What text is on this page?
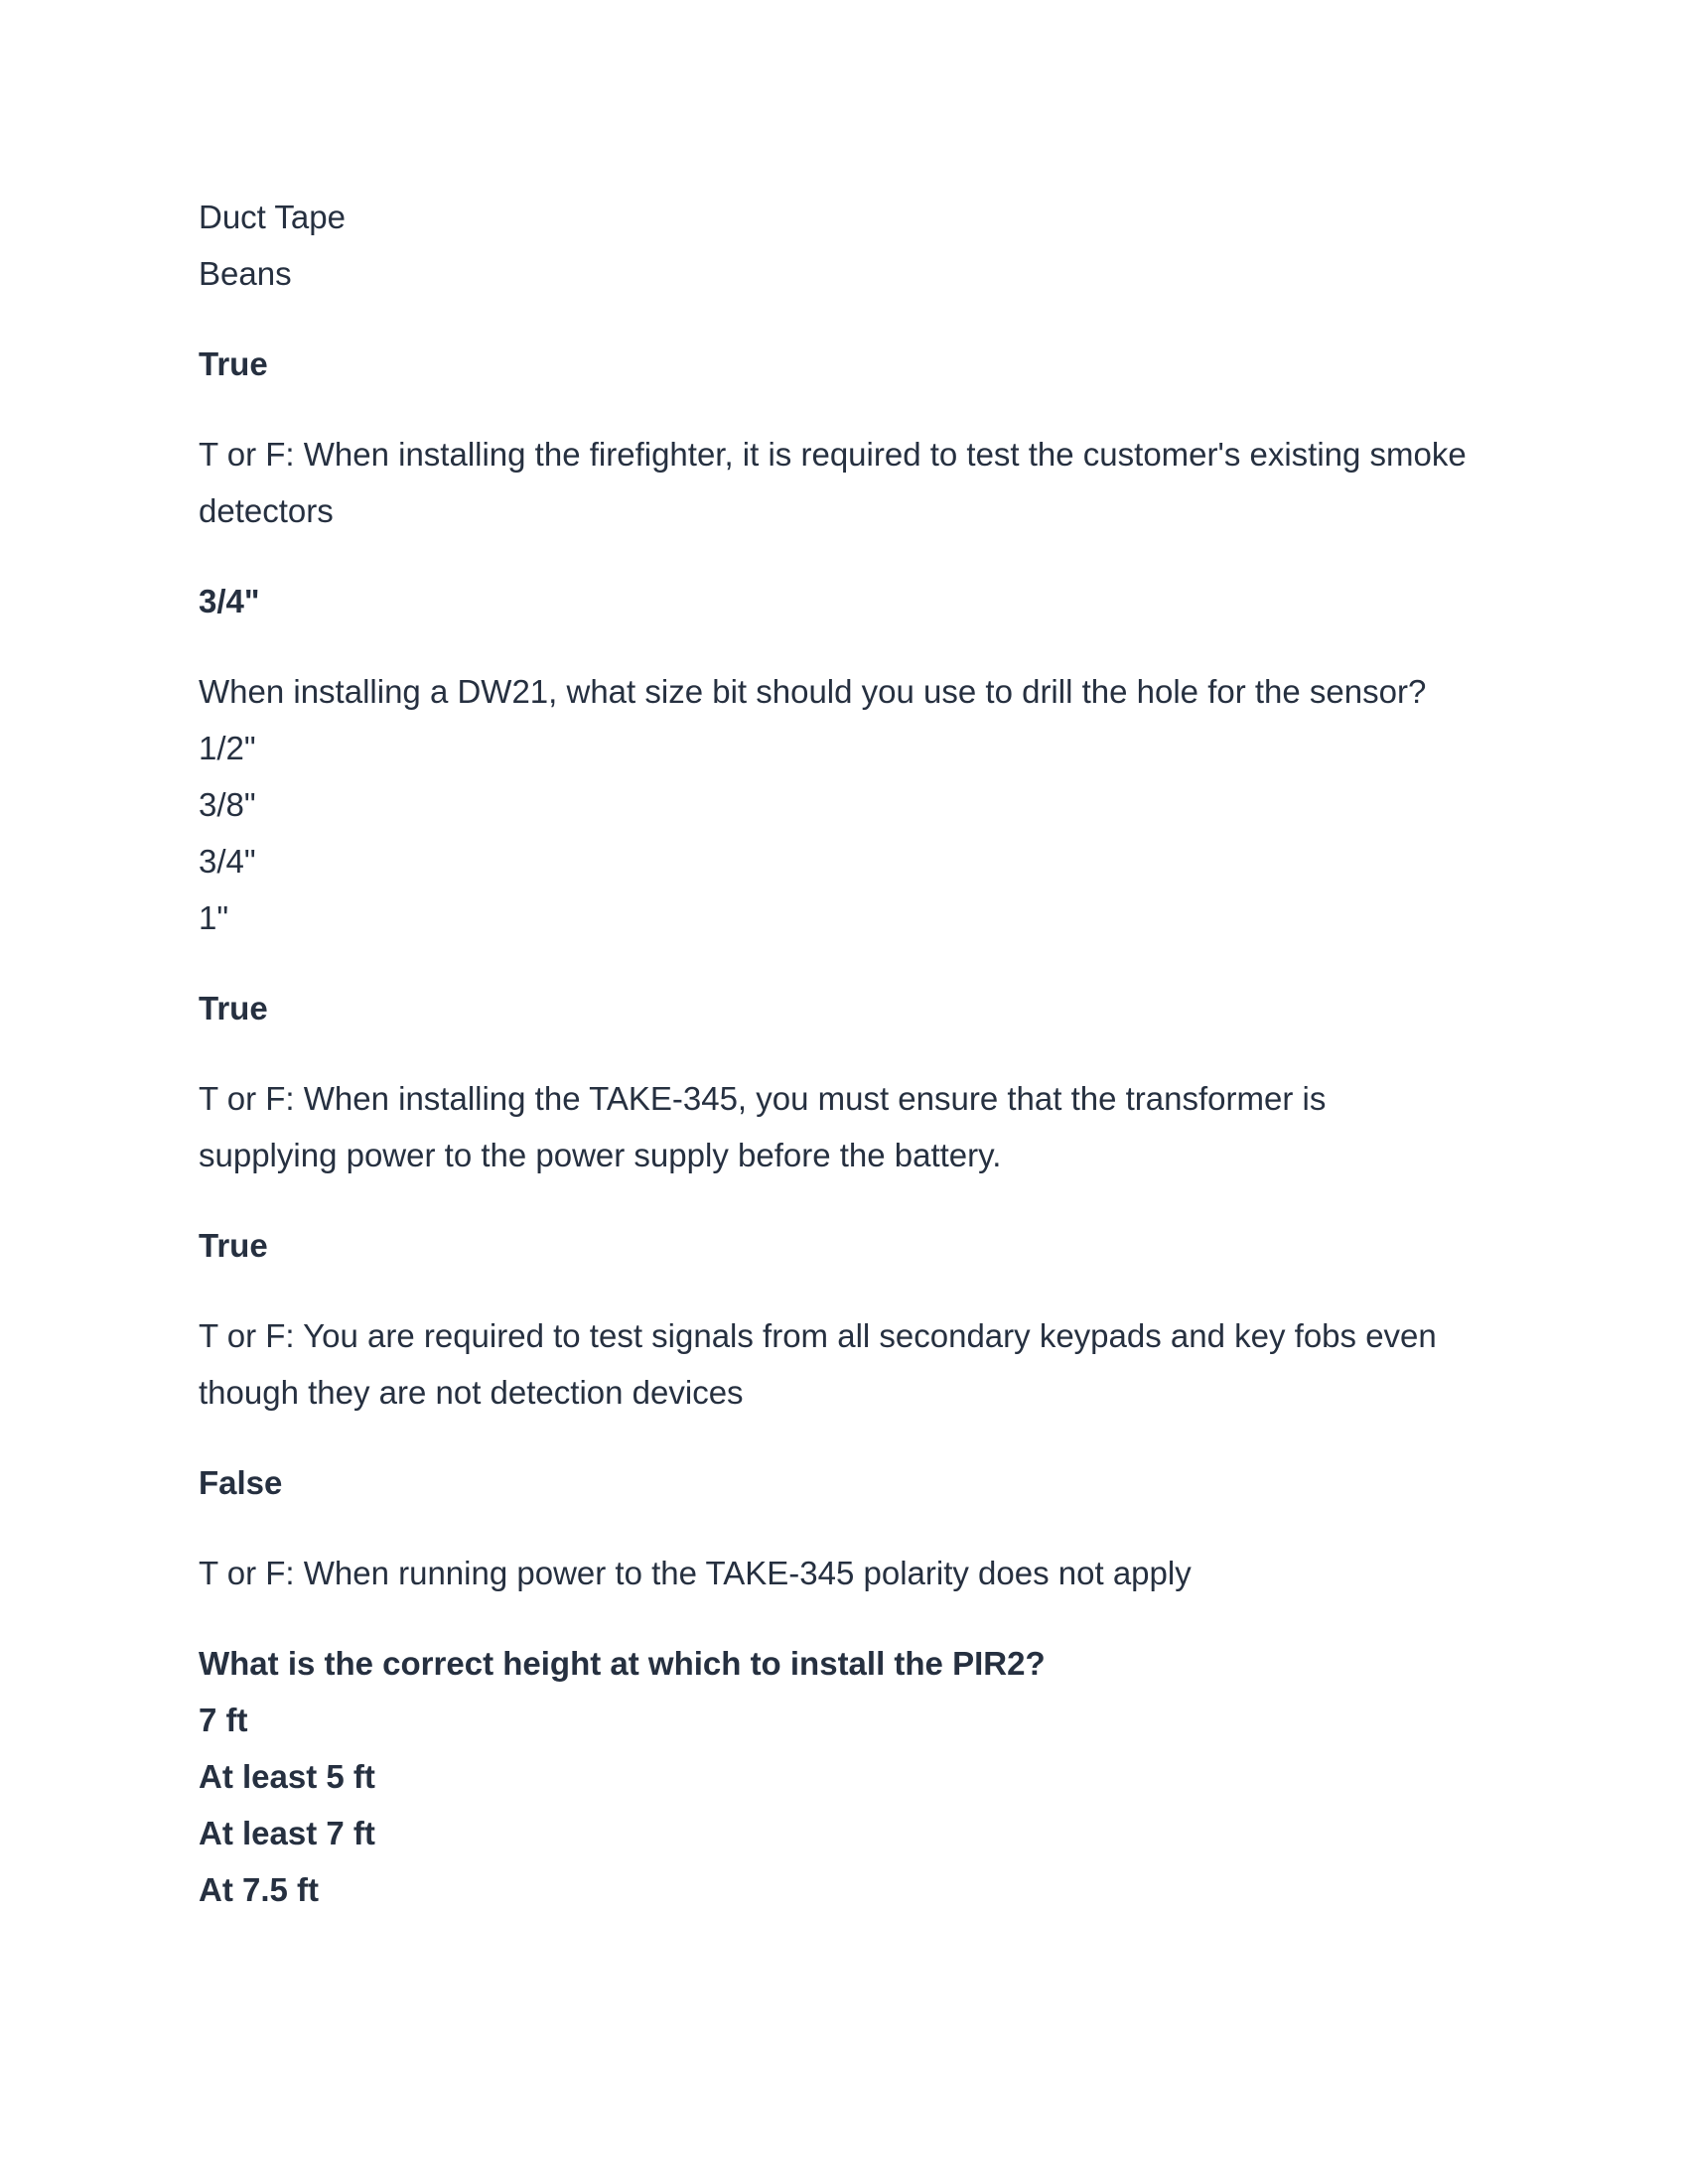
Duct Tape
Beans
True
T or F: When installing the firefighter, it is required to test the customer's existing smoke
detectors
3/4"
When installing a DW21, what size bit should you use to drill the hole for the sensor?
1/2"
3/8"
3/4"
1"
True
T or F: When installing the TAKE-345, you must ensure that the transformer is
supplying power to the power supply before the battery.
True
T or F: You are required to test signals from all secondary keypads and key fobs even
though they are not detection devices
False
T or F: When running power to the TAKE-345 polarity does not apply
What is the correct height at which to install the PIR2?
7 ft
At least 5 ft
At least 7 ft
At 7.5 ft
